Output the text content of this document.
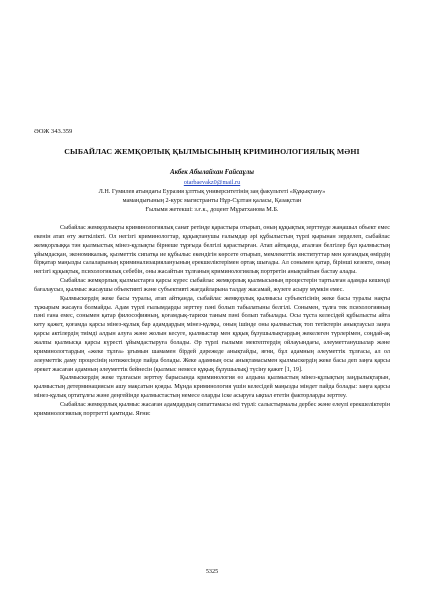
ӘОЖ 343.359
СЫБАЙЛАС ЖЕМҚОРЛЫҚ ҚЫЛМЫСЫНЫҢ КРИМИНОЛОГИЯЛЫҚ МӘНІ
Акбек Абылайхан Ғайсаұлы
otarbaevakz0@mail.ru
Л.Н. Гумилев атындағы Еуразия ұлттық университетінің заң факультеті «Құқықтану»
мамандығының 2-курс магистранты Нұр-Сұлтан қаласы, Қазақстан
Ғылыми жетекші: з.ғ.к., доцент Мұратханова М.Б.

Сыбайлас жемқорлықты криминологиялық санат ретінде қарастыра отырып, оның құқықтық зерттеуде жаңашыл объект емес екенін атап өту жеткілікті. Ол негізгі криминологтар, құқықтанушы ғалымдар әрі құбылыстың түрлі қырынан зерделеп, сыбайлас жемқорлыққа тән қылмыстық мінез-құлықты бірнеше тұрғыда белгілі қарастырған. Атап айтқанда, аталған белгілер бұл қылмыстың ұйымдасқан, экономикалық, қызметтік сипатқа ие құбылыс екендігін көрсете отырып, мемлекеттік институттар мен қоғамдық өмірдің бірқатар маңызды салаларының криминализациялануының ерекшеліктерімен ортақ шығады. Ал сонымен қатар, бірінші кезекте, оның негізгі құқықтық, психологиялық себебін, оны жасайтын тұлғаның криминологиялық портретін анықтайтын бастау алады.

Сыбайлас жемқорлық қылмыстарға қарсы күрес сыбайлас жемқорлық қылмысының процестерін тартылған адамды кешенді бағалаусыз, қылмыс жасаушы объективті және субъективті жағдайларына талдау жасамай, жүзеге асыру мүмкін емес.

Қылмыскердің жеке басы туралы, атап айтқанда, сыбайлас жемқорлық қылмысы субъектісінің жеке басы туралы нақты тұжырым жасауға болмайды. Адам түрлі ғылымдарды зерттеу пәні болып табылатыны белгілі. Сонымен, тұлға тек психологияның пәні ғана емес, сонымен қатар философияның, қоғамдық-тарихи таным пәні болып табылады. Осы тұста келесідей құбылысты айта кету қажет, қоғамда қарсы мінез-құлық бар адамдардың мінез-құлқы, оның ішінде оны қылмыстық топ тетіктерін анықтаусыз заңға қарсы актілердің тиімді алдын алуға және жолын кесуге, қылмыстар мен құқық бұзушылықтардың жекелеген түрлерімен, соңдай-ақ жалпы қылмысқа қарсы күресті ұйымдастыруға болады. Әр түрлі ғылыми мектептердің ойлауындағы, әлеуметтанушылар және криминологтардың «жеке тұлға» ұғымын шамамен бірдей дәрежеде анықтайды, яғни, бұл адамның әлеуметтік тұлғасы, ал ол әлеуметтік даму процесінің нәтижесінде пайда болады. Жеке адамның осы анықтамасымен қылмыскердің жеке басы деп заңға қарсы әрекет жасаған адамның әлеуметтік бейнесін (қылмыс немесе құқық бұзушылық) түсіну қажет [1, 19].

Қылмыскердің жеке тұлғасын зерттеу барысында криминология өз алдына қылмыстың мінез-құлықтың заңдылықтарын, қылмыстың детерминациясын ашу мақсатын қояды. Мұнда криминология үшін келесідей маңызды міндет пайда болады: заңға қарсы мінез-құлық ортатұлғы және деңгейінде қылмыстастың немесе оларды іске асыруға ықпал ететін факторларды зерттеу.

Сыбайлас жемқорлық қылмыс жасаған адамдардың сипаттамасы екі түрлі: салыстырмалы дербес және елеулі ерекшеліктерін криминологиялық портретті қамтиды. Яғни:

5325
